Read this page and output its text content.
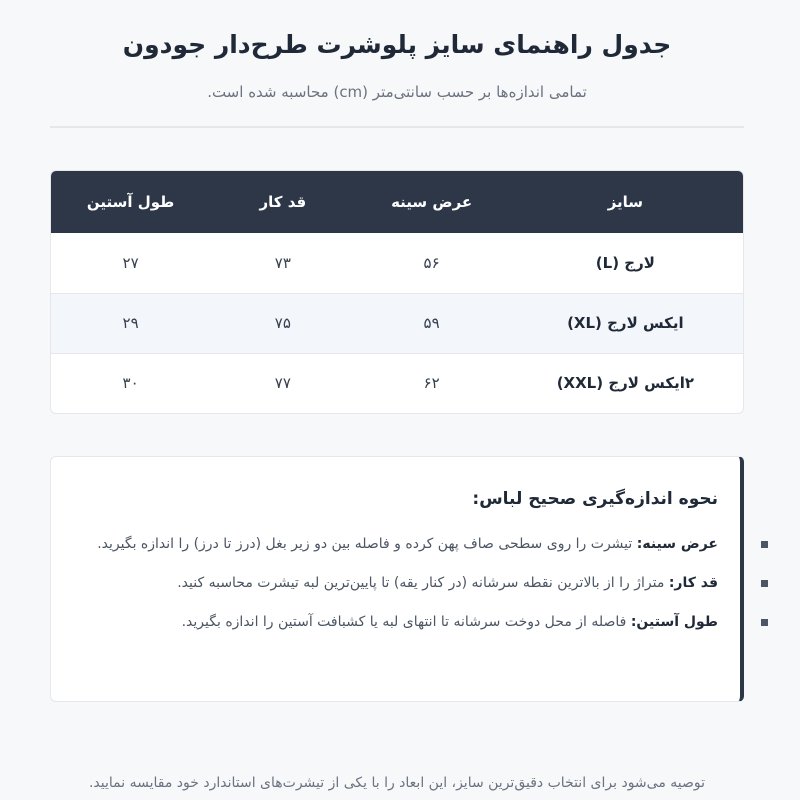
جدول راهنمای سایز پلوشرت طرح‌دار جودون

تمامی اندازه‌ها بر حسب سانتی‌متر (cm) محاسبه شده است.

سایز	عرض سینه	قد کار	طول آستین
لارج (L)	۵۶	۷۳	۲۷
ایکس لارج (XL)	۵۹	۷۵	۲۹
۲ایکس لارج (XXL)	۶۲	۷۷	۳۰
نحوه اندازه‌گیری صحیح لباس:
عرض سینه: تیشرت را روی سطحی صاف پهن کرده و فاصله بین دو زیر بغل (درز تا درز) را اندازه بگیرید.
قد کار: متراژ را از بالاترین نقطه سرشانه (در کنار یقه) تا پایین‌ترین لبه تیشرت محاسبه کنید.
طول آستین: فاصله از محل دوخت سرشانه تا انتهای لبه یا کشبافت آستین را اندازه بگیرید.

توصیه می‌شود برای انتخاب دقیق‌ترین سایز، این ابعاد را با یکی از تیشرت‌های استاندارد خود مقایسه نمایید.
